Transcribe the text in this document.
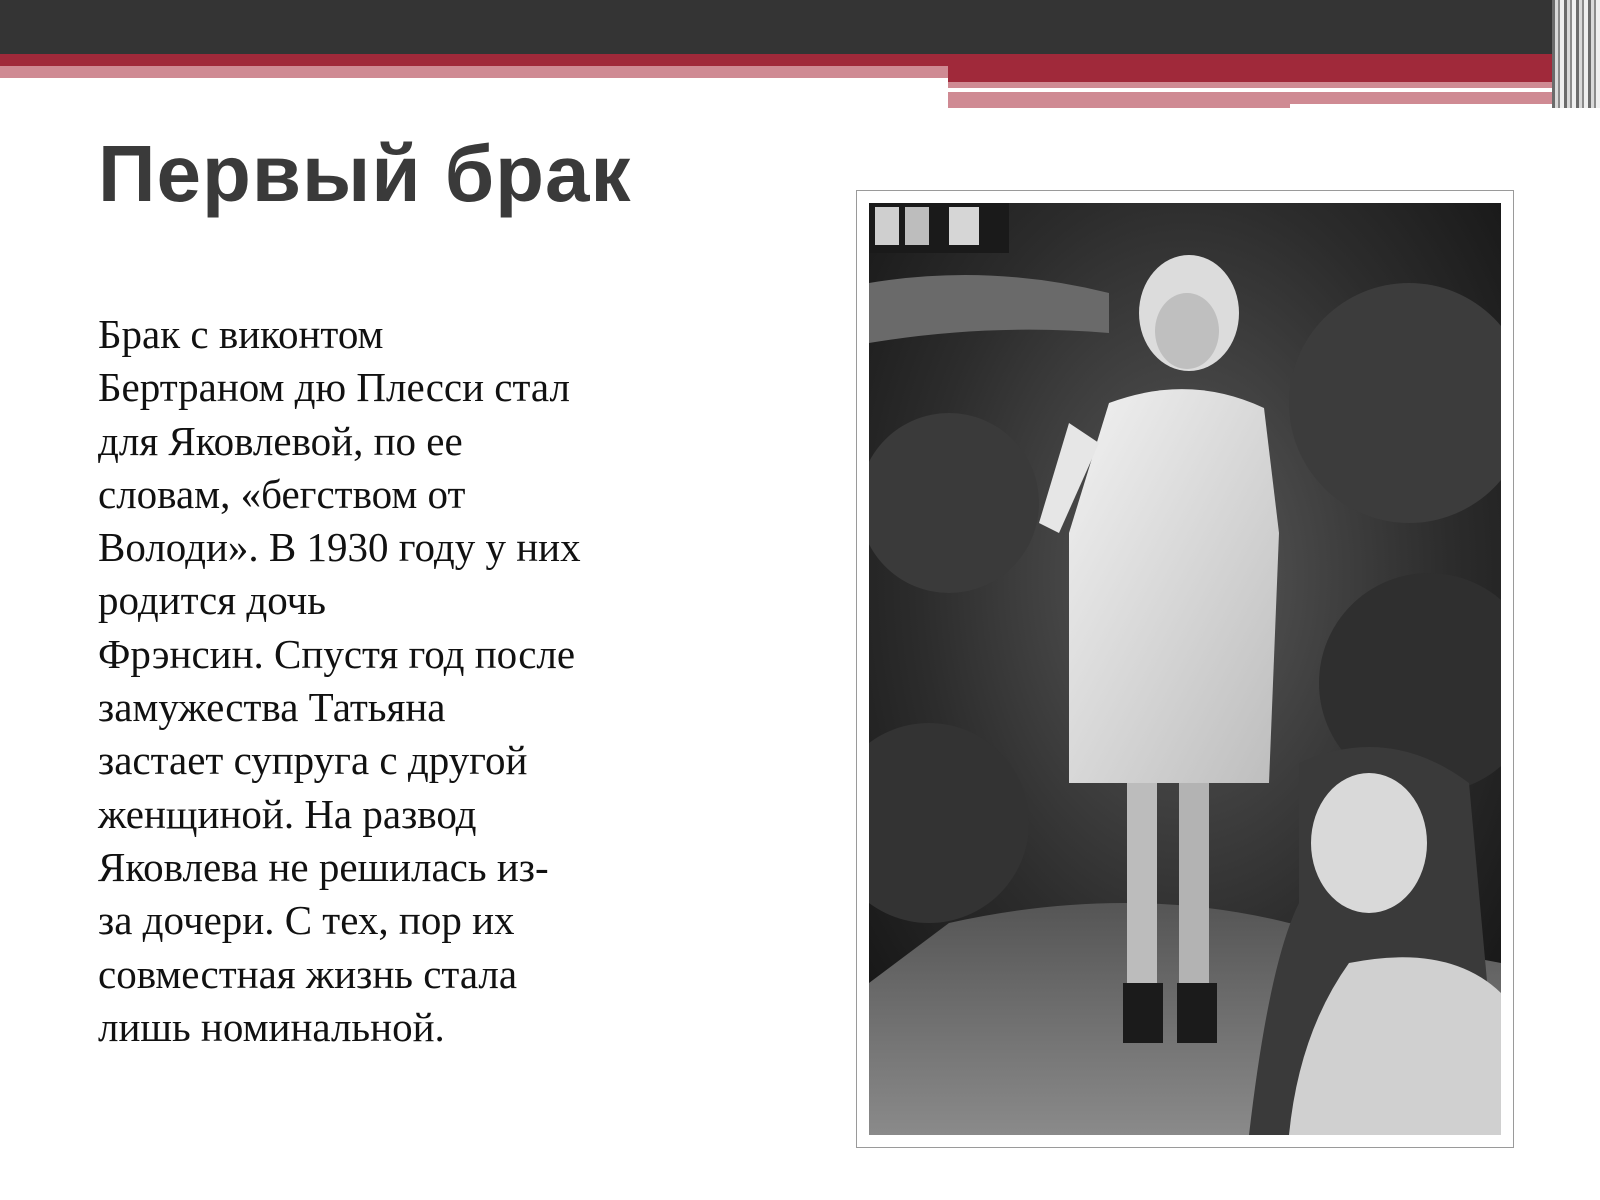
Первый брак

Брак с виконтом
Бертраном дю Плесси стал
для Яковлевой, по ее
словам, «бегством от
Володи». В 1930 году у них
родится дочь
Фрэнсин. Спустя год после
замужества Татьяна
застает супруга с другой
женщиной. На развод
Яковлева не решилась из-
за дочери. С тех, пор их
совместная жизнь стала
лишь номинальной.
